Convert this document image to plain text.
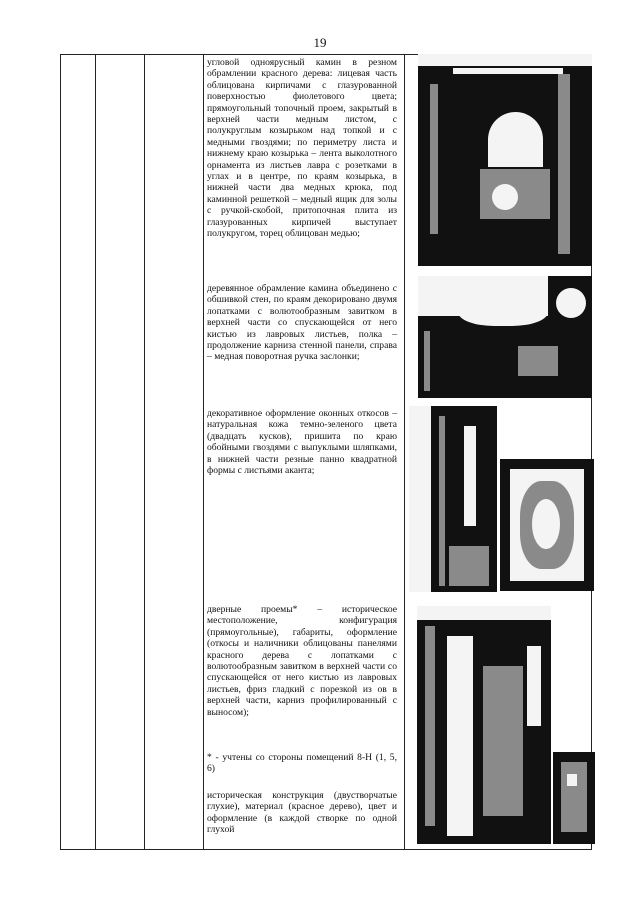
19

угловой одноярусный камин в резном обрамлении красного дерева: лицевая часть облицована кирпичами с глазурованной поверхностью фиолетового цвета; прямоугольный топочный проем, закрытый в верхней части медным листом, с полукруглым козырьком над топкой и с медными гвоздями; по периметру листа и нижнему краю козырька – лента выколотного орнамента из листьев лавра с розетками в углах и в центре, по краям козырька, в нижней части два медных крюка, под каминной решеткой – медный ящик для золы с ручкой-скобой, притопочная плита из глазурованных кирпичей выступает полукругом, торец облицован медью;

деревянное обрамление камина объединено с обшивкой стен, по краям декорировано двумя лопатками с волютообразным завитком в верхней части со спускающейся от него кистью из лавровых листьев, полка – продолжение карниза стенной панели, справа – медная поворотная ручка заслонки;

декоративное оформление оконных откосов – натуральная кожа темно-зеленого цвета (двадцать кусков), пришита по краю обойными гвоздями с выпуклыми шляпками, в нижней части резные панно квадратной формы с листьями аканта;

дверные проемы* – историческое местоположение, конфигурация (прямоугольные), габариты, оформление (откосы и наличники облицованы панелями красного дерева с лопатками с волютообразным завитком в верхней части со спускающейся от него кистью из лавровых листьев, фриз гладкий с порезкой из ов в верхней части, карниз профилированный с выносом);

* - учтены со стороны помещений 8-Н (1, 5, 6)

историческая конструкция (двустворчатые глухие), материал (красное дерево), цвет и оформление (в каждой створке по одной глухой
